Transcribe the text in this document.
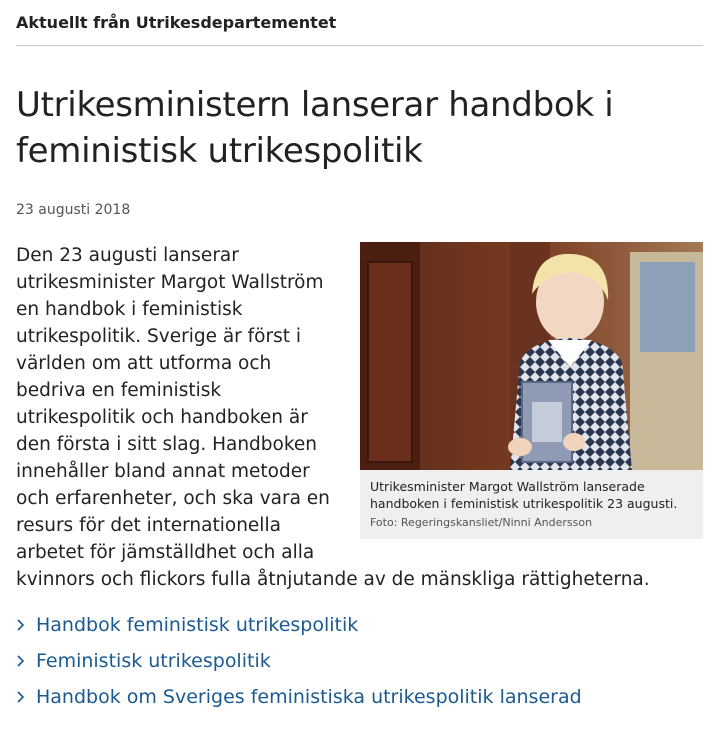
Aktuellt från Utrikesdepartementet
Utrikesministern lanserar handbok i feministisk utrikespolitik
23 augusti 2018
Utrikesminister Margot Wallström lanserade handboken i feministisk utrikespolitik 23 augusti.
Foto: Regeringskansliet/Ninni Andersson

Den 23 augusti lanserar utrikesminister Margot Wallström en handbok i feministisk utrikespolitik. Sverige är först i världen om att utforma och bedriva en feministisk utrikespolitik och handboken är den första i sitt slag. Handboken innehåller bland annat metoder och erfarenheter, och ska vara en resurs för det internationella arbetet för jämställdhet och alla kvinnors och flickors fulla åtnjutande av de mänskliga rättigheterna.

Handbok feministisk utrikespolitik
Feministisk utrikespolitik
Handbok om Sveriges feministiska utrikespolitik lanserad
